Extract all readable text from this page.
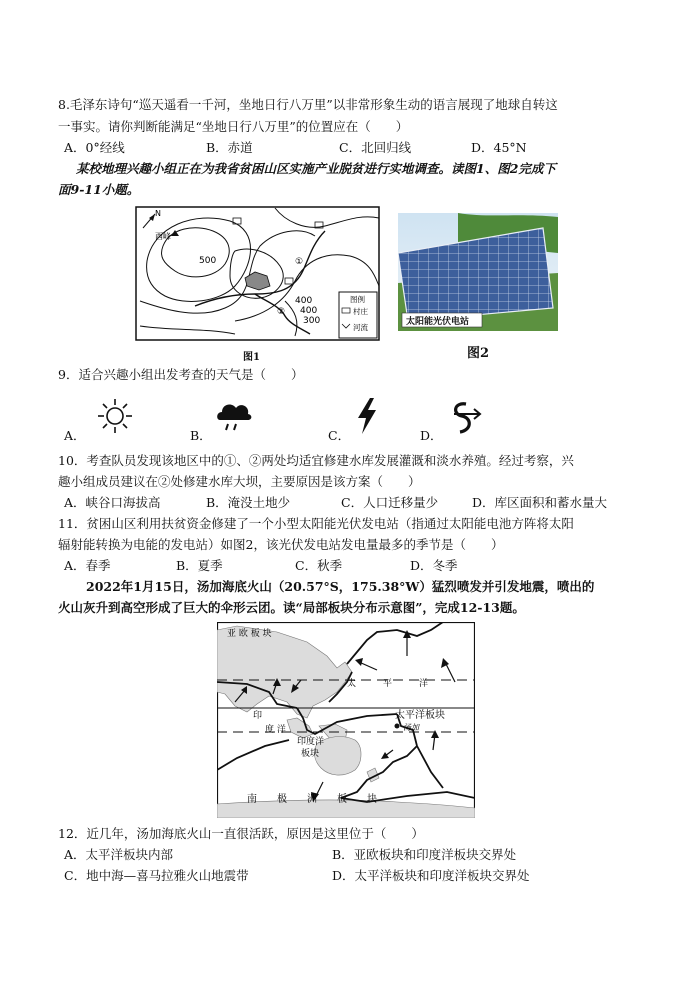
8.毛泽东诗句“巡天遥看一千河，坐地日行八万里”以非常形象生动的语言展现了地球自转这
一事实。请你判断能满足“坐地日行八万里”的位置应在（　　）
A．0°经线	B．赤道	C．北回归线	D．45°N
某校地理兴趣小组正在为我省贫困山区实施产业脱贫进行实地调查。读图1、图2完成下
面9-11小题。
N
西峰
500
400
400
300
①
②
图例
村庄
河流
图1
太阳能光伏电站
图2
9．适合兴趣小组出发考查的天气是（　　）
A．	B．	C．	D．
10．考查队员发现该地区中的①、②两处均适宜修建水库发展灌溉和淡水养殖。经过考察，兴
趣小组成员建议在②处修建水库大坝，主要原因是该方案（　　）
A．峡谷口海拔高	B．淹没土地少	C．人口迁移量少	D．库区面积和蓄水量大
11．贫困山区利用扶贫资金修建了一个小型太阳能光伏发电站（指通过太阳能电池方阵将太阳
辐射能转换为电能的发电站）如图2，该光伏发电站发电量最多的季节是（　　）
A．春季	B．夏季	C．秋季	D．冬季
2022年1月15日，汤加海底火山（20.57°S，175.38°W）猛烈喷发并引发地震，喷出的
火山灰升到高空形成了巨大的伞形云团。读“局部板块分布示意图”，完成12-13题。
亚 欧 板 块
太　　　平　　　洋
太平洋板块
汤加
印
度 洋
印度洋
板块
南　　极　　洲　　板　　块
12．近几年，汤加海底火山一直很活跃，原因是这里位于（　　）
A．太平洋板块内部	B．亚欧板块和印度洋板块交界处
C．地中海—喜马拉雅火山地震带	D．太平洋板块和印度洋板块交界处
